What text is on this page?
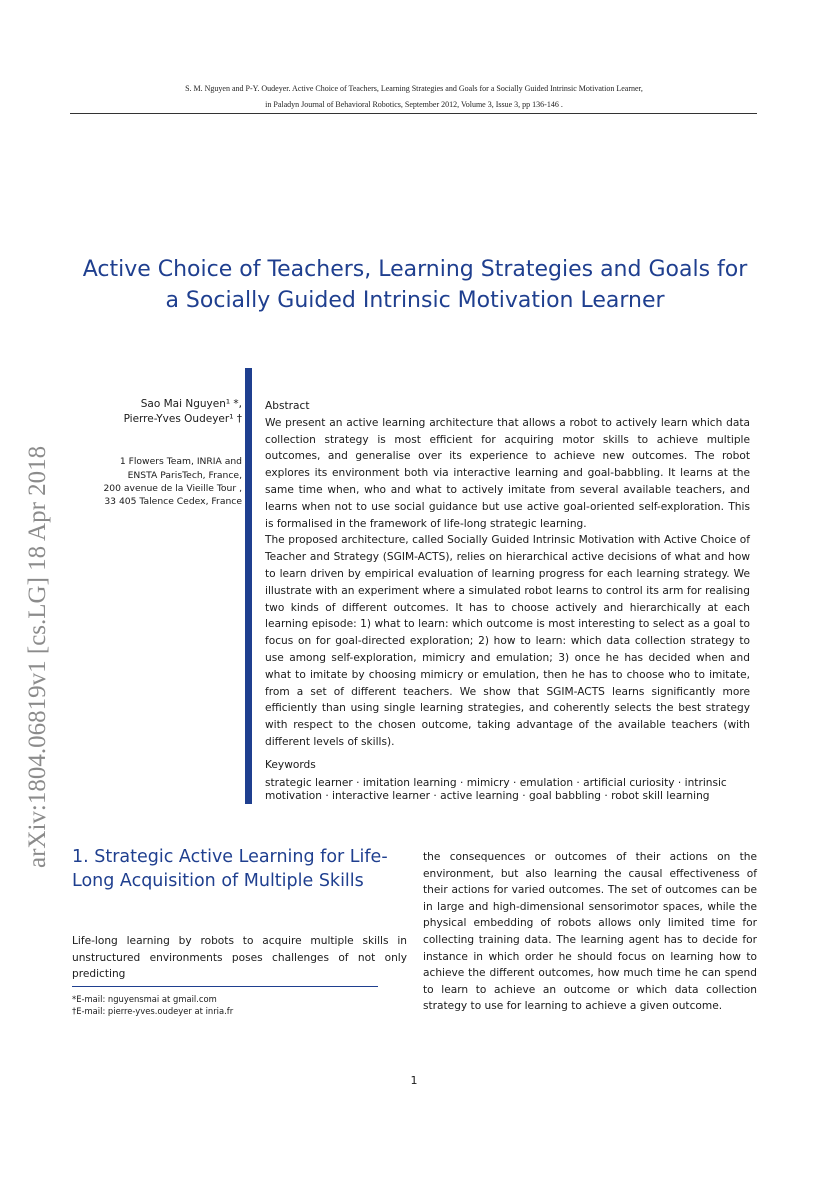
S. M. Nguyen and P-Y. Oudeyer. Active Choice of Teachers, Learning Strategies and Goals for a Socially Guided Intrinsic Motivation Learner,
in Paladyn Journal of Behavioral Robotics, September 2012, Volume 3, Issue 3, pp 136-146 .
arXiv:1804.06819v1 [cs.LG] 18 Apr 2018
Active Choice of Teachers, Learning Strategies and Goals for
a Socially Guided Intrinsic Motivation Learner
Sao Mai Nguyen¹ *,
Pierre-Yves Oudeyer¹ †
1 Flowers Team, INRIA and
ENSTA ParisTech, France,
200 avenue de la Vieille Tour ,
33 405 Talence Cedex, France
Abstract

We present an active learning architecture that allows a robot to actively learn which data collection strategy is most efficient for acquiring motor skills to achieve multiple outcomes, and generalise over its experience to achieve new outcomes. The robot explores its environment both via interactive learning and goal-babbling. It learns at the same time when, who and what to actively imitate from several available teachers, and learns when not to use social guidance but use active goal-oriented self-exploration. This is formalised in the framework of life-long strategic learning.

The proposed architecture, called Socially Guided Intrinsic Motivation with Active Choice of Teacher and Strategy (SGIM-ACTS), relies on hierarchical active decisions of what and how to learn driven by empirical evaluation of learning progress for each learning strategy. We illustrate with an experiment where a simulated robot learns to control its arm for realising two kinds of different outcomes. It has to choose actively and hierarchically at each learning episode: 1) what to learn: which outcome is most interesting to select as a goal to focus on for goal-directed exploration; 2) how to learn: which data collection strategy to use among self-exploration, mimicry and emulation; 3) once he has decided when and what to imitate by choosing mimicry or emulation, then he has to choose who to imitate, from a set of different teachers. We show that SGIM-ACTS learns significantly more efficiently than using single learning strategies, and coherently selects the best strategy with respect to the chosen outcome, taking advantage of the available teachers (with different levels of skills).

Keywords
strategic learner · imitation learning · mimicry · emulation · artificial curiosity · intrinsic
motivation · interactive learner · active learning · goal babbling · robot skill learning
1. Strategic Active Learning for Life-
Long Acquisition of Multiple Skills

Life-long learning by robots to acquire multiple skills in unstructured environments poses challenges of not only predicting

*E-mail: nguyensmai at gmail.com
†E-mail: pierre-yves.oudeyer at inria.fr

the consequences or outcomes of their actions on the environment, but also learning the causal effectiveness of their actions for varied outcomes. The set of outcomes can be in large and high-dimensional sensorimotor spaces, while the physical embedding of robots allows only limited time for collecting training data. The learning agent has to decide for instance in which order he should focus on learning how to achieve the different outcomes, how much time he can spend to learn to achieve an outcome or which data collection strategy to use for learning to achieve a given outcome.

1
